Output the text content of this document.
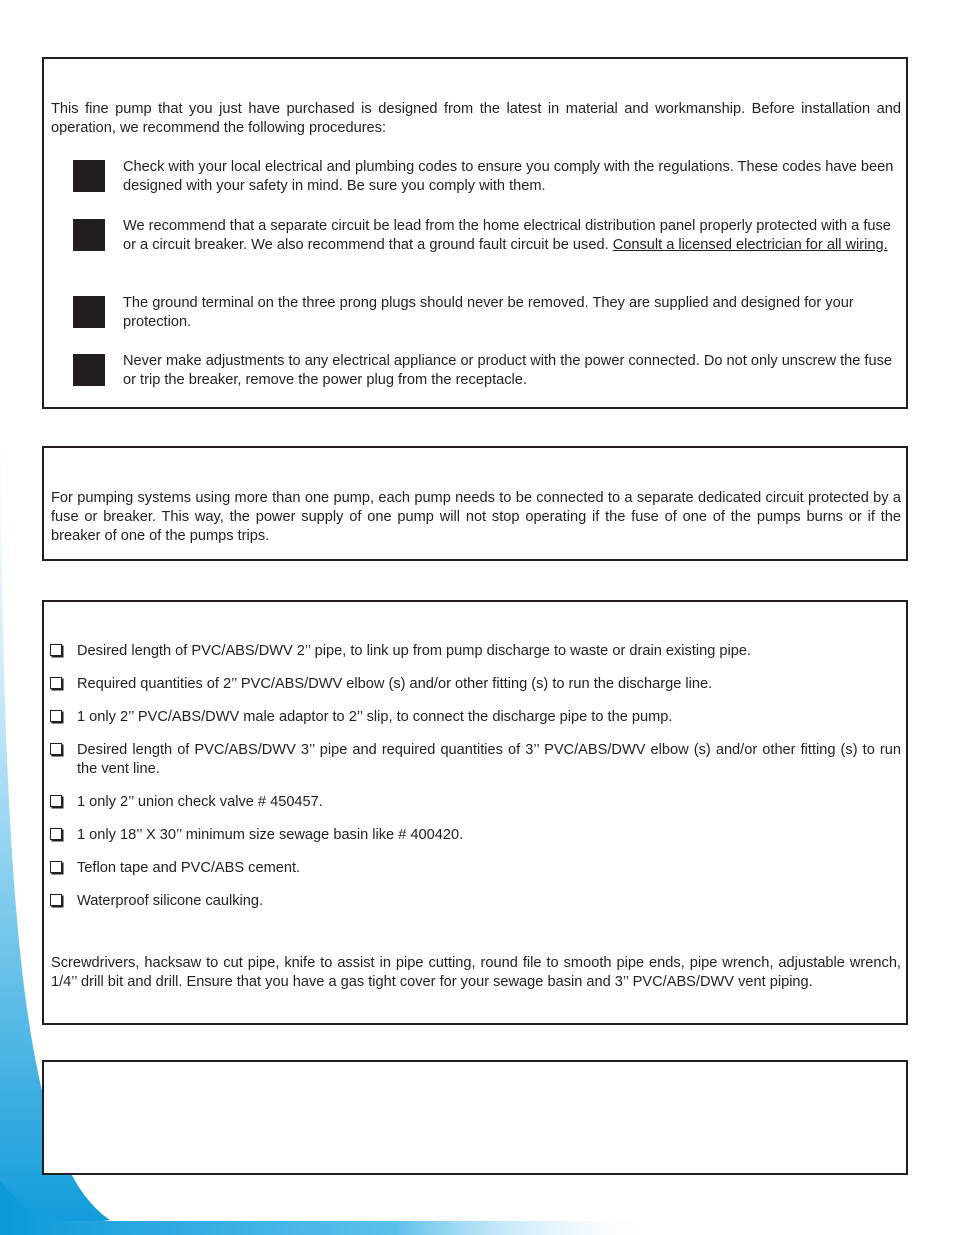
This fine pump that you just have purchased is designed from the latest in material and workmanship. Before installation and operation, we recommend the following procedures:

Check with your local electrical and plumbing codes to ensure you comply with the regulations. These codes have been designed with your safety in mind. Be sure you comply with them.

We recommend that a separate circuit be lead from the home electrical distribution panel properly protected with a fuse or a circuit breaker. We also recommend that a ground fault circuit be used. Consult a licensed electrician for all wiring.

The ground terminal on the three prong plugs should never be removed. They are supplied and designed for your protection.

Never make adjustments to any electrical appliance or product with the power connected. Do not only unscrew the fuse or trip the breaker, remove the power plug from the receptacle.

For pumping systems using more than one pump, each pump needs to be connected to a separate dedicated circuit protected by a fuse or breaker. This way, the power supply of one pump will not stop operating if the fuse of one of the pumps burns or if the breaker of one of the pumps trips.

Desired length of PVC/ABS/DWV 2’’ pipe, to link up from pump discharge to waste or drain existing pipe.

Required quantities of 2’’ PVC/ABS/DWV elbow (s) and/or other fitting (s) to run the discharge line.

1 only 2’’ PVC/ABS/DWV male adaptor to 2’’ slip, to connect the discharge pipe to the pump.

Desired length of PVC/ABS/DWV 3’’ pipe and required quantities of 3’’ PVC/ABS/DWV elbow (s) and/or other fitting (s) to run the vent line.

1 only 2’’ union check valve # 450457.

1 only 18’’ X 30’’ minimum size sewage basin like # 400420.

Teflon tape and PVC/ABS cement.

Waterproof silicone caulking.

Screwdrivers, hacksaw to cut pipe, knife to assist in pipe cutting, round file to smooth pipe ends, pipe wrench, adjustable wrench, 1/4’’ drill bit and drill. Ensure that you have a gas tight cover for your sewage basin and 3’’ PVC/ABS/DWV vent piping.
